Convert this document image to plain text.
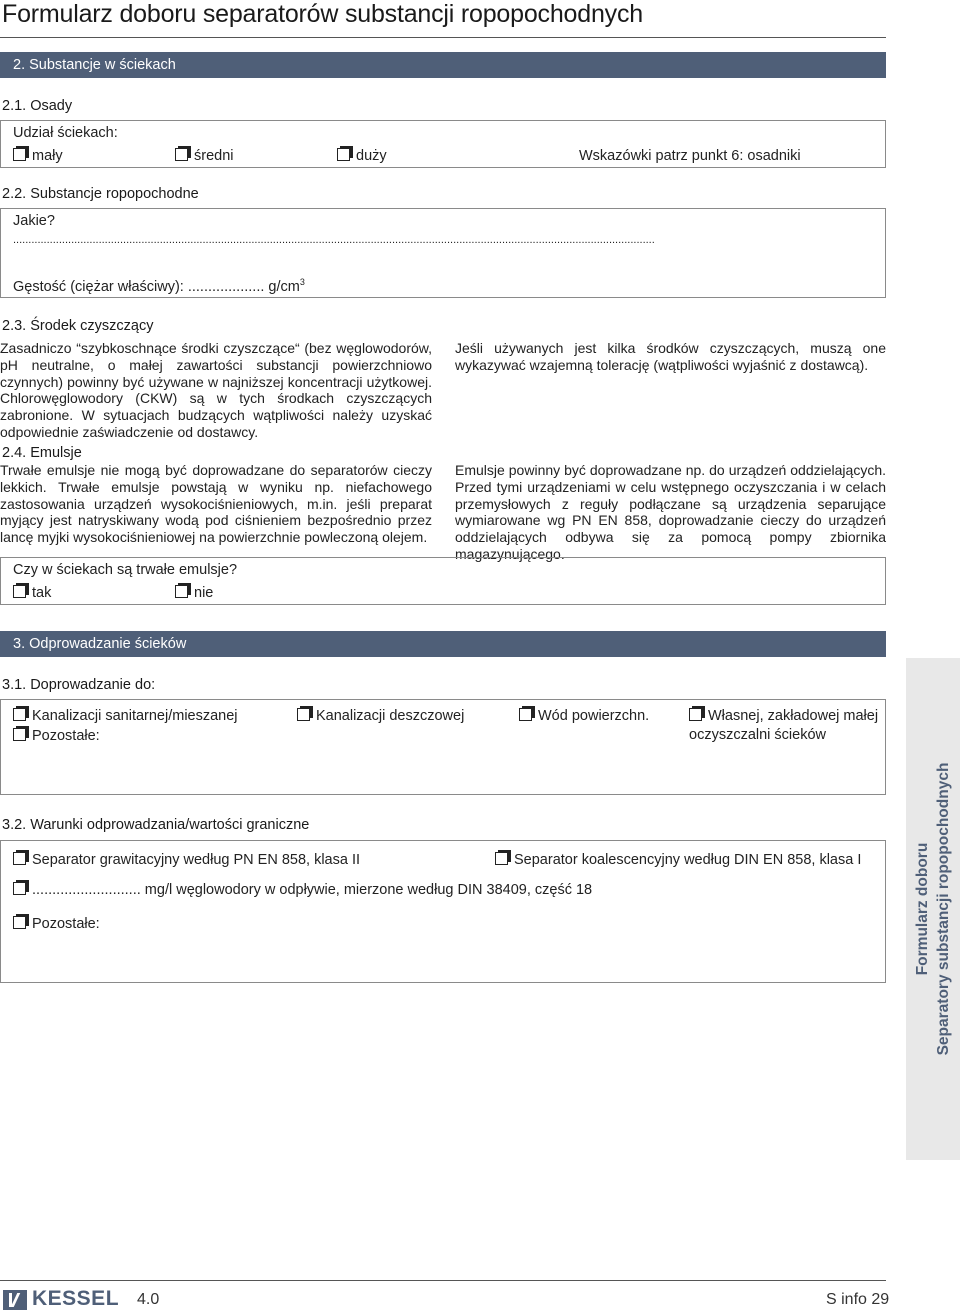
Formularz doboru separatorów substancji ropopochodnych
2. Substancje w ściekach
2.1. Osady
Udział ściekach:
mały	średni	duży	Wskazówki patrz punkt 6: osadniki
2.2. Substancje ropopochodne
Jakie?
..................................................................................................................................................................................................................
Gęstość (ciężar właściwy): ................... $g/cm^3$
2.3. Środek czyszczący
Zasadniczo “szybkoschnące środki czyszczące“ (bez węglowodorów, pH neutralne, o małej zawartości substancji powierzchniowo czynnych) powinny być używane w najniższej koncentracji użytkowej. Chlorowęglowodory (CKW) są w tych środkach czyszczących zabronione. W sytuacjach budzących wątpliwości należy uzyskać odpowiednie zaświadczenie od dostawcy.
Jeśli używanych jest kilka środków czyszczących, muszą one wykazywać wzajemną tolerację (wątpliwości wyjaśnić z dostawcą).
2.4. Emulsje
Trwałe emulsje nie mogą być doprowadzane do separatorów cieczy lekkich. Trwałe emulsje powstają w wyniku np. niefachowego zastosowania urządzeń wysokociśnieniowych, m.in. jeśli preparat myjący jest natryskiwany wodą pod ciśnieniem bezpośrednio przez lancę myjki wysokociśnieniowej na powierzchnie powleczoną olejem.
Emulsje powinny być doprowadzane np. do urządzeń oddzielających. Przed tymi urządzeniami w celu wstępnego oczyszczania i w celach przemysłowych z reguły podłączane są urządzenia separujące wymiarowane wg PN EN 858, doprowadzanie cieczy do urządzeń oddzielających odbywa się za pomocą pompy zbiornika magazynującego.
Czy w ściekach są trwałe emulsje?
tak	nie
3. Odprowadzanie ścieków
3.1. Doprowadzanie do:
Kanalizacji sanitarnej/mieszanej	Kanalizacji deszczowej	Wód powierzchn.	Własnej, zakładowej małej
oczyszczalni ścieków
Pozostałe:
3.2. Warunki odprowadzania/wartości graniczne
Separator grawitacyjny według PN EN 858, klasa II	Separator koalescencyjny według DIN EN 858, klasa I
........................... mg/l węglowodory w odpływie, mierzone według DIN 38409, część 18
Pozostałe:	Formularz doboru Separatory substancji ropopochodnych
KESSEL 4.0	S info 29
